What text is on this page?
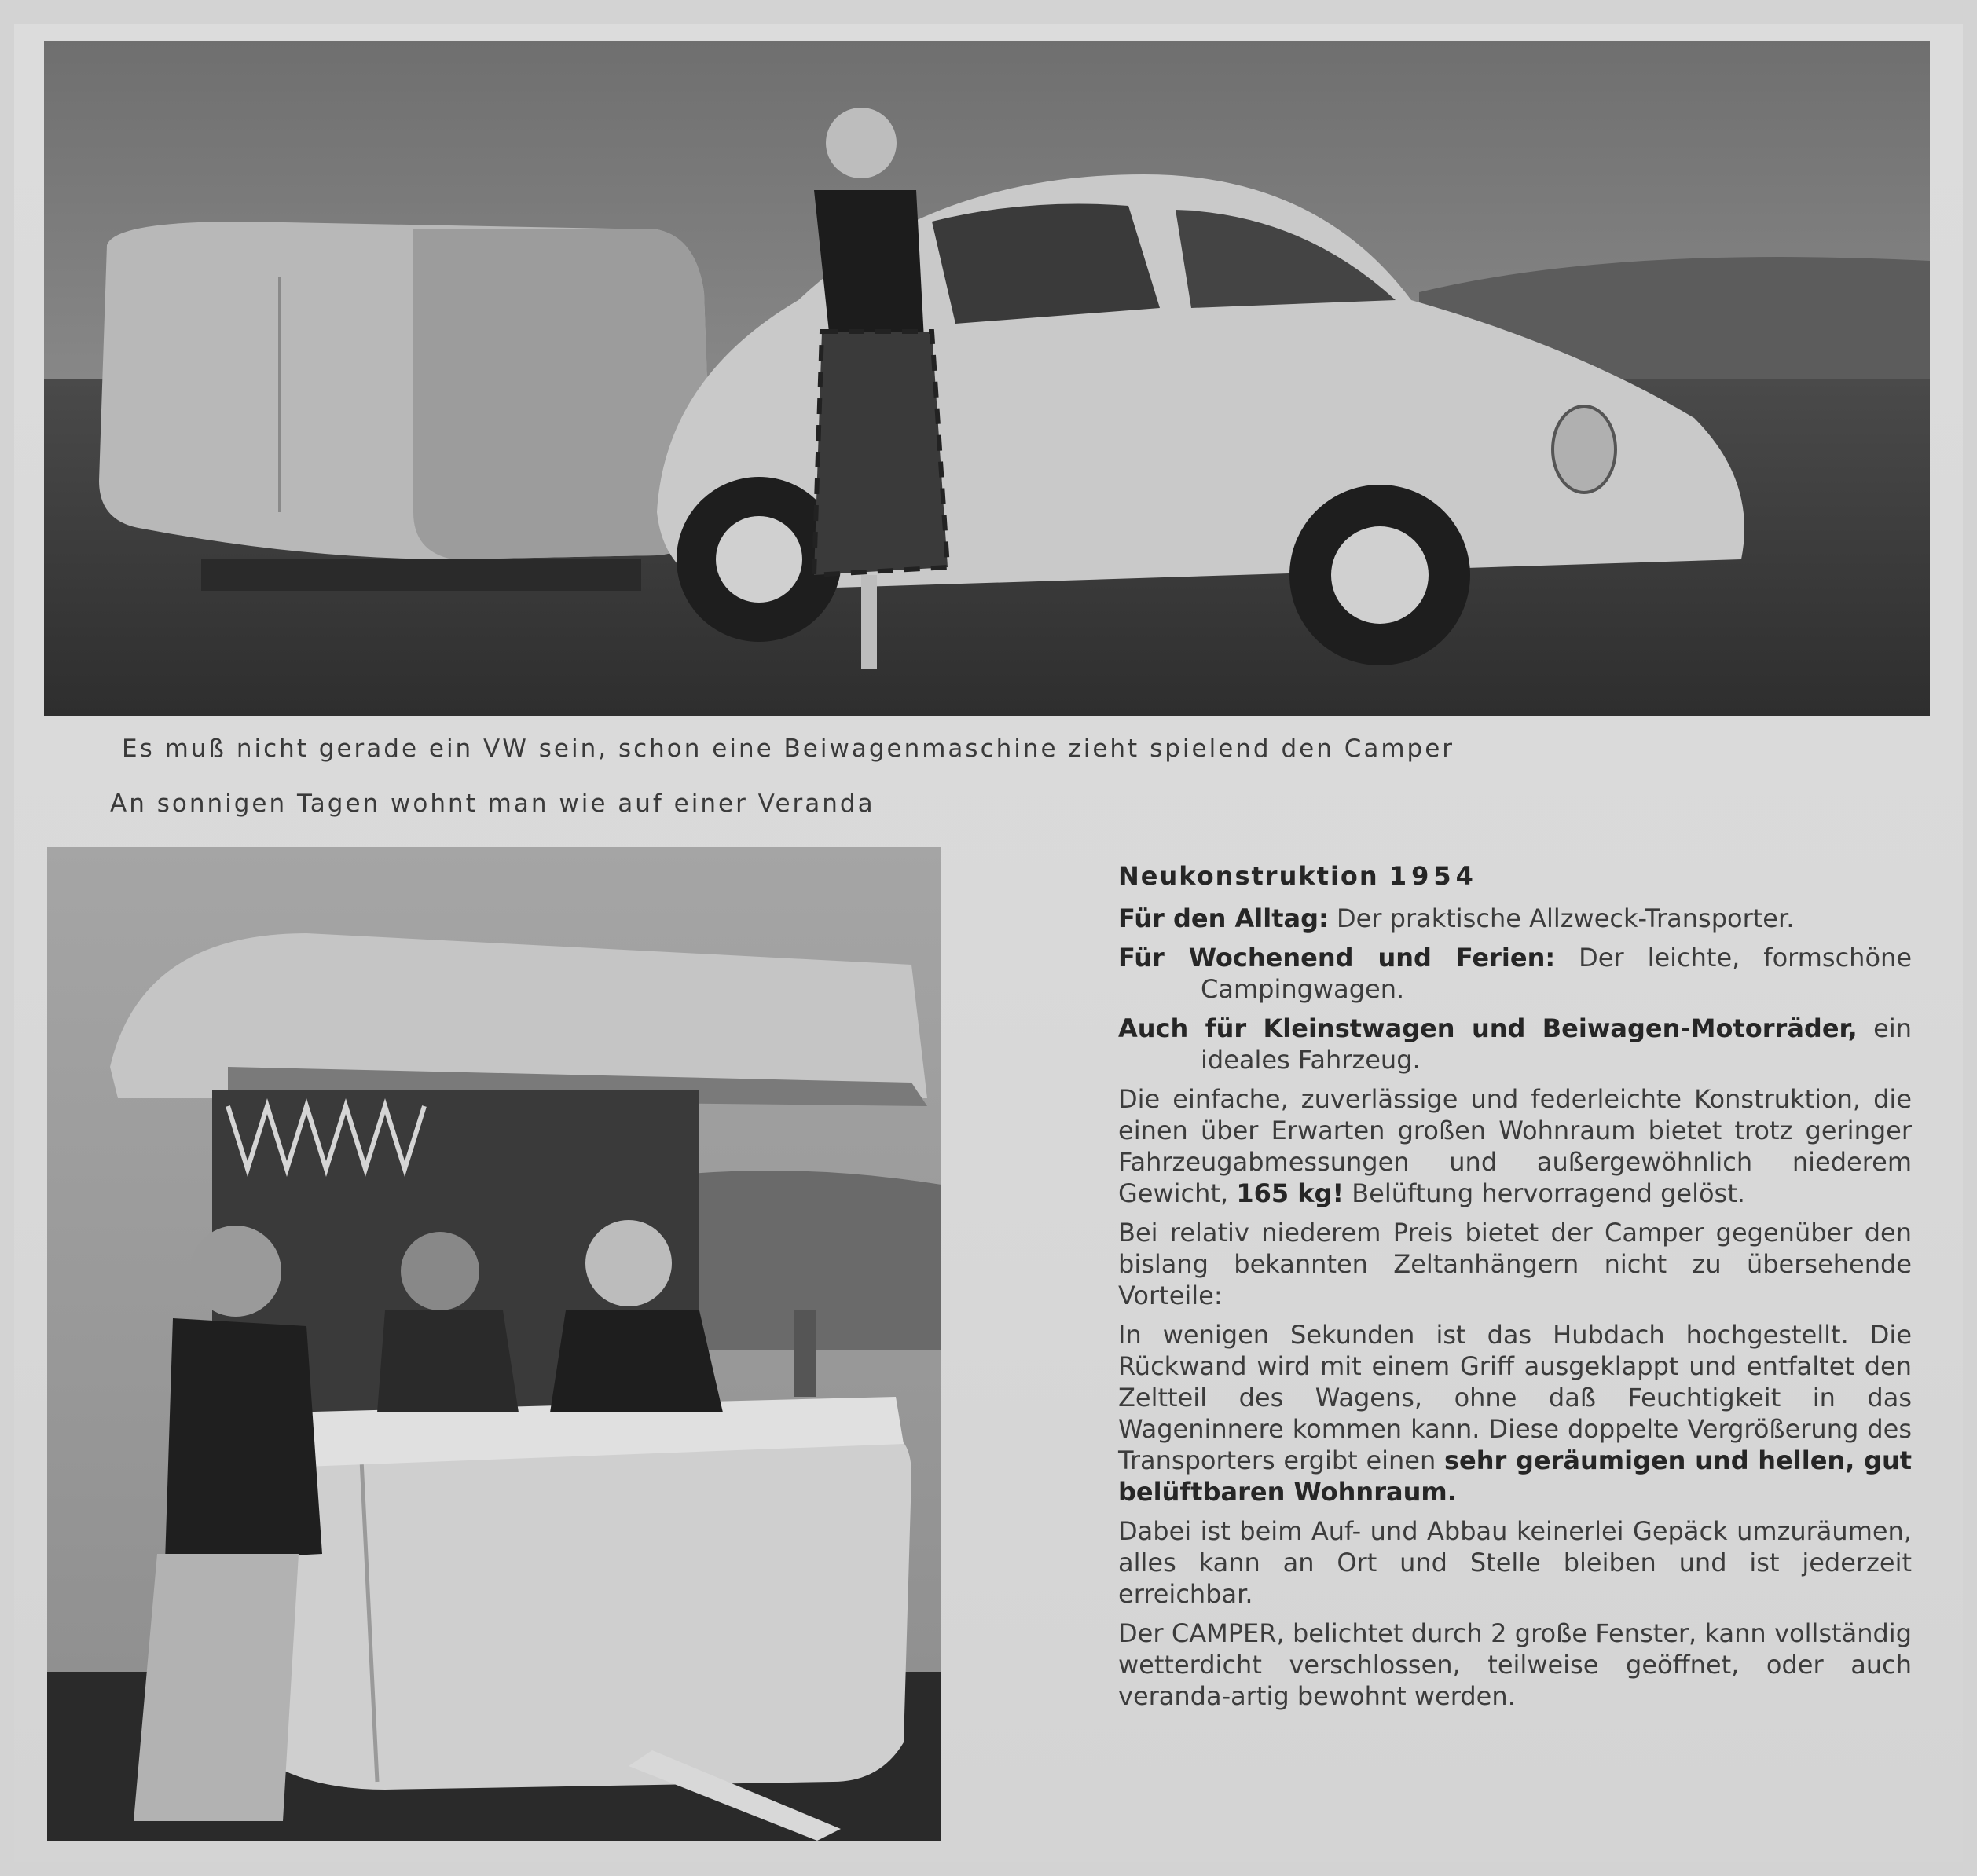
Es muß nicht gerade ein VW sein, schon eine Beiwagenmaschine zieht spielend den Camper
An sonnigen Tagen wohnt man wie auf einer Veranda

Neukonstruktion 1954

Für den Alltag: Der praktische Allzweck-Transporter.

Für Wochenend und Ferien: Der leichte, formschöne Campingwagen.

Auch für Kleinstwagen und Beiwagen-Motorräder, ein ideales Fahrzeug.

Die einfache, zuverlässige und federleichte Konstruktion, die einen über Erwarten großen Wohnraum bietet trotz geringer Fahrzeugabmessungen und außergewöhnlich niederem Gewicht, 165 kg! Belüftung hervorragend gelöst.

Bei relativ niederem Preis bietet der Camper gegenüber den bislang bekannten Zeltanhängern nicht zu übersehende Vorteile:

In wenigen Sekunden ist das Hubdach hochgestellt. Die Rückwand wird mit einem Griff ausgeklappt und entfaltet den Zeltteil des Wagens, ohne daß Feuchtigkeit in das Wageninnere kommen kann. Diese doppelte Vergrößerung des Transporters ergibt einen sehr geräumigen und hellen, gut belüftbaren Wohnraum.

Dabei ist beim Auf- und Abbau keinerlei Gepäck umzuräumen, alles kann an Ort und Stelle bleiben und ist jederzeit erreichbar.

Der CAMPER, belichtet durch 2 große Fenster, kann vollständig wetterdicht verschlossen, teilweise geöffnet, oder auch veranda-artig bewohnt werden.
